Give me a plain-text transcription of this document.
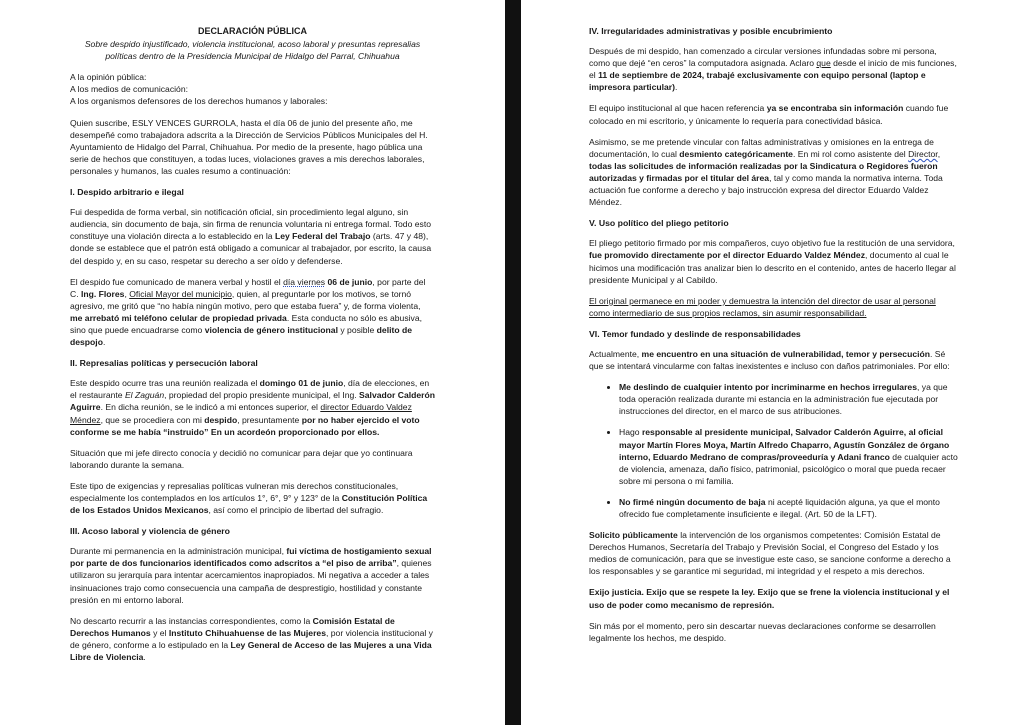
DECLARACIÓN PÚBLICA
Sobre despido injustificado, violencia institucional, acoso laboral y presuntas represalias políticas dentro de la Presidencia Municipal de Hidalgo del Parral, Chihuahua

A la opinión pública:

A los medios de comunicación:

A los organismos defensores de los derechos humanos y laborales:

Quien suscribe, ESLY VENCES GURROLA, hasta el día 06 de junio del presente año, me desempeñé como trabajadora adscrita a la Dirección de Servicios Públicos Municipales del H. Ayuntamiento de Hidalgo del Parral, Chihuahua. Por medio de la presente, hago pública una serie de hechos que constituyen, a todas luces, violaciones graves a mis derechos laborales, personales y humanos, las cuales resumo a continuación:

I. Despido arbitrario e ilegal

Fui despedida de forma verbal, sin notificación oficial, sin procedimiento legal alguno, sin audiencia, sin documento de baja, sin firma de renuncia voluntaria ni entrega formal. Todo esto constituye una violación directa a lo establecido en la Ley Federal del Trabajo (arts. 47 y 48), donde se establece que el patrón está obligado a comunicar al trabajador, por escrito, la causa del despido y, en su caso, respetar su derecho a ser oído y defenderse.

El despido fue comunicado de manera verbal y hostil el día viernes 06 de junio, por parte del C. Ing. Flores, Oficial Mayor del municipio, quien, al preguntarle por los motivos, se tornó agresivo, me gritó que “no había ningún motivo, pero que estaba fuera” y, de forma violenta, me arrebató mi teléfono celular de propiedad privada. Esta conducta no sólo es abusiva, sino que puede encuadrarse como violencia de género institucional y posible delito de despojo.

II. Represalias políticas y persecución laboral

Este despido ocurre tras una reunión realizada el domingo 01 de junio, día de elecciones, en el restaurante El Zaguán, propiedad del propio presidente municipal, el Ing. Salvador Calderón Aguirre. En dicha reunión, se le indicó a mi entonces superior, el director Eduardo Valdez Méndez, que se procediera con mi despido, presuntamente por no haber ejercido el voto conforme se me había “instruido” En un acordeón proporcionado por ellos.

Situación que mi jefe directo conocía y decidió no comunicar para dejar que yo continuara laborando durante la semana.

Este tipo de exigencias y represalias políticas vulneran mis derechos constitucionales, especialmente los contemplados en los artículos 1°, 6°, 9° y 123° de la Constitución Política de los Estados Unidos Mexicanos, así como el principio de libertad del sufragio.

III. Acoso laboral y violencia de género

Durante mi permanencia en la administración municipal, fui víctima de hostigamiento sexual por parte de dos funcionarios identificados como adscritos a “el piso de arriba”, quienes utilizaron su jerarquía para intentar acercamientos inapropiados. Mi negativa a acceder a tales insinuaciones trajo como consecuencia una campaña de desprestigio, hostilidad y constante presión en mi entorno laboral.

No descarto recurrir a las instancias correspondientes, como la Comisión Estatal de Derechos Humanos y el Instituto Chihuahuense de las Mujeres, por violencia institucional y de género, conforme a lo estipulado en la Ley General de Acceso de las Mujeres a una Vida Libre de Violencia.

IV. Irregularidades administrativas y posible encubrimiento

Después de mi despido, han comenzado a circular versiones infundadas sobre mi persona, como que dejé “en ceros” la computadora asignada. Aclaro que desde el inicio de mis funciones, el 11 de septiembre de 2024, trabajé exclusivamente con equipo personal (laptop e impresora particular).

El equipo institucional al que hacen referencia ya se encontraba sin información cuando fue colocado en mi escritorio, y únicamente lo requería para conectividad básica.

Asimismo, se me pretende vincular con faltas administrativas y omisiones en la entrega de documentación, lo cual desmiento categóricamente. En mi rol como asistente del Director, todas las solicitudes de información realizadas por la Sindicatura o Regidores fueron autorizadas y firmadas por el titular del área, tal y como manda la normativa interna. Toda actuación fue conforme a derecho y bajo instrucción expresa del director Eduardo Valdez Méndez.

V. Uso político del pliego petitorio

El pliego petitorio firmado por mis compañeros, cuyo objetivo fue la restitución de una servidora, fue promovido directamente por el director Eduardo Valdez Méndez, documento al cual le hicimos una modificación tras analizar bien lo descrito en el contenido, antes de hacerlo llegar al presidente Municipal y al Cabildo.

El original permanece en mi poder y demuestra la intención del director de usar al personal como intermediario de sus propios reclamos, sin asumir responsabilidad.

VI. Temor fundado y deslinde de responsabilidades

Actualmente, me encuentro en una situación de vulnerabilidad, temor y persecución. Sé que se intentará vincularme con faltas inexistentes e incluso con daños patrimoniales. Por ello:

• Me deslindo de cualquier intento por incriminarme en hechos irregulares, ya que toda operación realizada durante mi estancia en la administración fue ejecutada por instrucciones del director, en el marco de sus atribuciones.
• Hago responsable al presidente municipal, Salvador Calderón Aguirre, al oficial mayor Martín Flores Moya, Martín Alfredo Chaparro, Agustín González de órgano interno, Eduardo Medrano de compras/proveeduría y Adani franco de cualquier acto de violencia, amenaza, daño físico, patrimonial, psicológico o moral que pueda recaer sobre mi persona o mi familia.
• No firmé ningún documento de baja ni acepté liquidación alguna, ya que el monto ofrecido fue completamente insuficiente e ilegal. (Art. 50 de la LFT).

Solicito públicamente la intervención de los organismos competentes: Comisión Estatal de Derechos Humanos, Secretaría del Trabajo y Previsión Social, el Congreso del Estado y los medios de comunicación, para que se investigue este caso, se sancione conforme a derecho a los responsables y se garantice mi seguridad, mi integridad y el respeto a mis derechos.

Exijo justicia. Exijo que se respete la ley. Exijo que se frene la violencia institucional y el uso de poder como mecanismo de represión.

Sin más por el momento, pero sin descartar nuevas declaraciones conforme se desarrollen legalmente los hechos, me despido.
